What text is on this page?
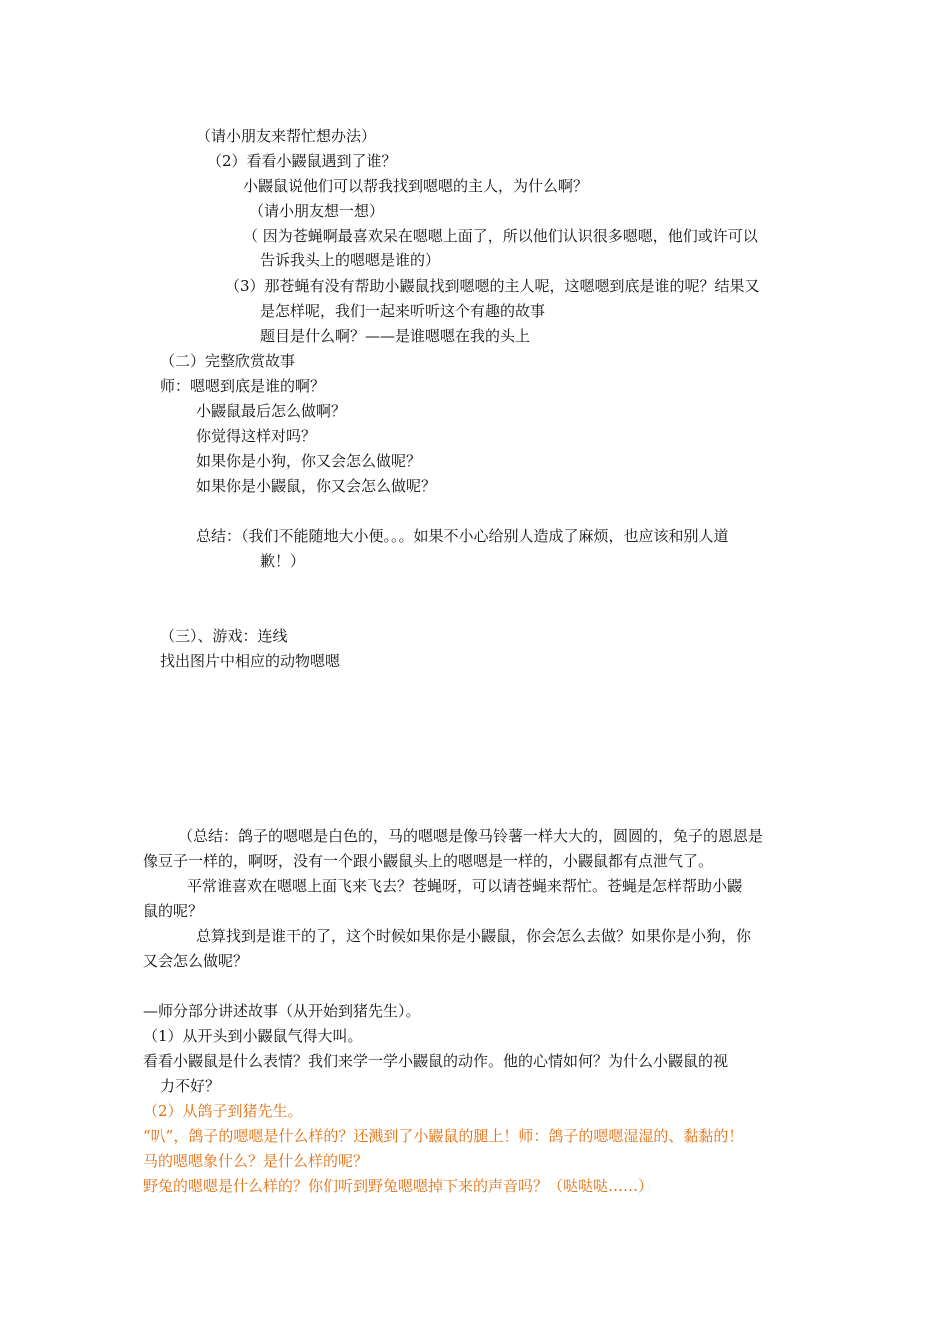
（请小朋友来帮忙想办法）

（2）看看小鼹鼠遇到了谁？

小鼹鼠说他们可以帮我找到嗯嗯的主人，为什么啊？

（请小朋友想一想）

（ 因为苍蝇啊最喜欢呆在嗯嗯上面了，所以他们认识很多嗯嗯，他们或许可以

告诉我头上的嗯嗯是谁的）

（3）那苍蝇有没有帮助小鼹鼠找到嗯嗯的主人呢，这嗯嗯到底是谁的呢？结果又

是怎样呢，我们一起来听听这个有趣的故事

题目是什么啊？——是谁嗯嗯在我的头上

（二）完整欣赏故事

师：嗯嗯到底是谁的啊？

小鼹鼠最后怎么做啊？

你觉得这样对吗？

如果你是小狗，你又会怎么做呢？

如果你是小鼹鼠，你又会怎么做呢？

总结：（我们不能随地大小便。。。如果不小心给别人造成了麻烦，也应该和别人道

歉！）

（三）、游戏：连线

找出图片中相应的动物嗯嗯

（总结：鸽子的嗯嗯是白色的，马的嗯嗯是像马铃薯一样大大的，圆圆的，兔子的恩恩是

像豆子一样的，啊呀，没有一个跟小鼹鼠头上的嗯嗯是一样的，小鼹鼠都有点泄气了。

平常谁喜欢在嗯嗯上面飞来飞去？苍蝇呀，可以请苍蝇来帮忙。苍蝇是怎样帮助小鼹

鼠的呢？

总算找到是谁干的了，这个时候如果你是小鼹鼠，你会怎么去做？如果你是小狗，你

又会怎么做呢？

—师分部分讲述故事（从开始到猪先生）。

（1）从开头到小鼹鼠气得大叫。

看看小鼹鼠是什么表情？我们来学一学小鼹鼠的动作。他的心情如何？为什么小鼹鼠的视

力不好？

（2）从鸽子到猪先生。

“叭”，鸽子的嗯嗯是什么样的？还溅到了小鼹鼠的腿上！师：鸽子的嗯嗯湿湿的、黏黏的！

马的嗯嗯象什么？是什么样的呢？

野兔的嗯嗯是什么样的？你们听到野兔嗯嗯掉下来的声音吗？（哒哒哒……）
